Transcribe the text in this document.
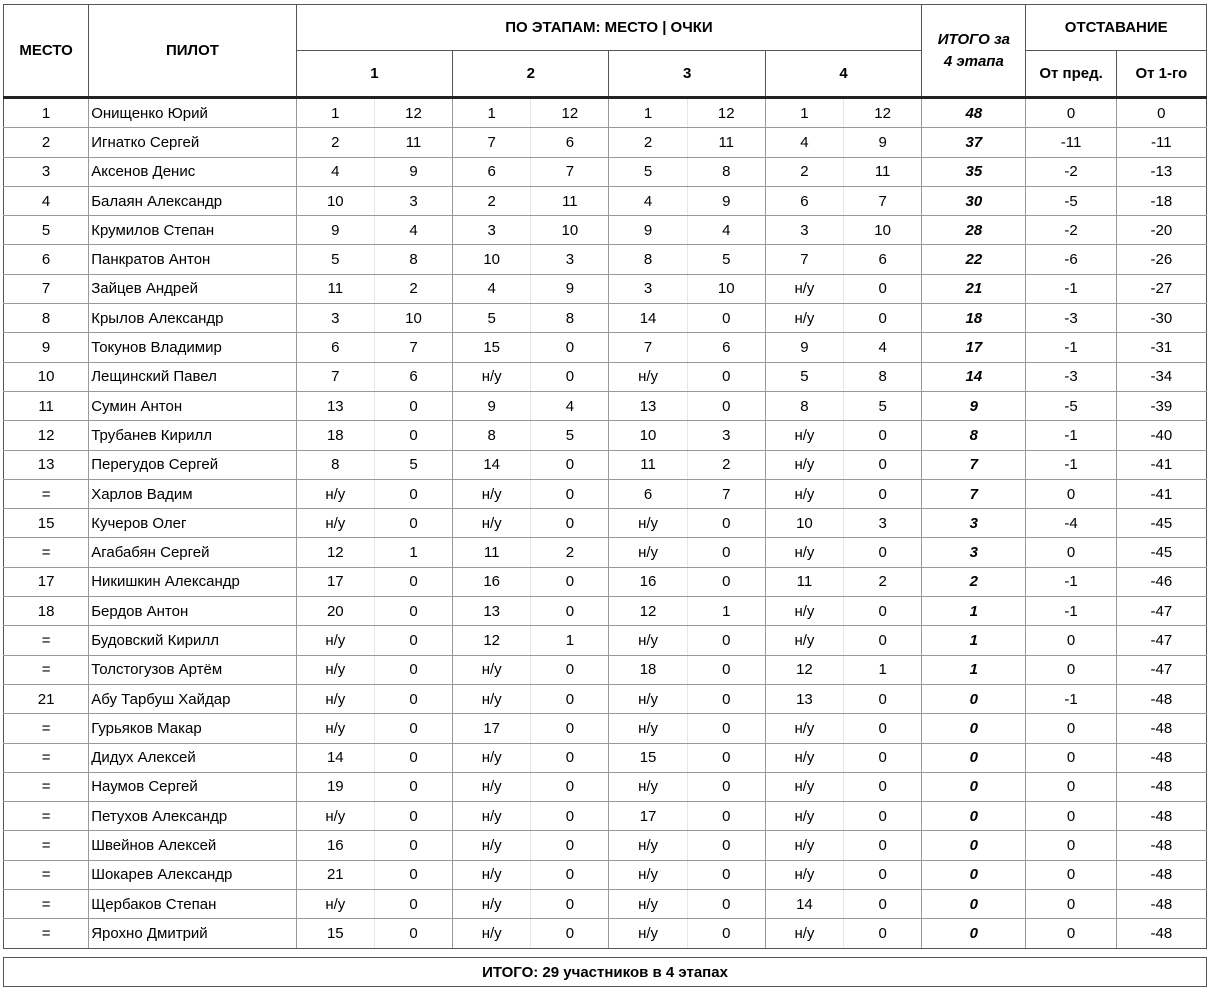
МЕСТО	ПИЛОТ	ПО ЭТАПАМ: МЕСТО | ОЧКИ								ИТОГО за
4 этапа	ОТСТАВАНИЕ	
		1		2		3		4			От пред.	От 1-го
1	Онищенко Юрий	1	12	1	12	1	12	1	12	48	0	0
2	Игнатко Сергей	2	11	7	6	2	11	4	9	37	-11	-11
3	Аксенов Денис	4	9	6	7	5	8	2	11	35	-2	-13
4	Балаян Александр	10	3	2	11	4	9	6	7	30	-5	-18
5	Крумилов Степан	9	4	3	10	9	4	3	10	28	-2	-20
6	Панкратов Антон	5	8	10	3	8	5	7	6	22	-6	-26
7	Зайцев Андрей	11	2	4	9	3	10	н/у	0	21	-1	-27
8	Крылов Александр	3	10	5	8	14	0	н/у	0	18	-3	-30
9	Токунов Владимир	6	7	15	0	7	6	9	4	17	-1	-31
10	Лещинский Павел	7	6	н/у	0	н/у	0	5	8	14	-3	-34
11	Сумин Антон	13	0	9	4	13	0	8	5	9	-5	-39
12	Трубанев Кирилл	18	0	8	5	10	3	н/у	0	8	-1	-40
13	Перегудов Сергей	8	5	14	0	11	2	н/у	0	7	-1	-41
=	Харлов Вадим	н/у	0	н/у	0	6	7	н/у	0	7	0	-41
15	Кучеров Олег	н/у	0	н/у	0	н/у	0	10	3	3	-4	-45
=	Агабабян Сергей	12	1	11	2	н/у	0	н/у	0	3	0	-45
17	Никишкин Александр	17	0	16	0	16	0	11	2	2	-1	-46
18	Бердов Антон	20	0	13	0	12	1	н/у	0	1	-1	-47
=	Будовский Кирилл	н/у	0	12	1	н/у	0	н/у	0	1	0	-47
=	Толстогузов Артём	н/у	0	н/у	0	18	0	12	1	1	0	-47
21	Абу Тарбуш Хайдар	н/у	0	н/у	0	н/у	0	13	0	0	-1	-48
=	Гурьяков Макар	н/у	0	17	0	н/у	0	н/у	0	0	0	-48
=	Дидух Алексей	14	0	н/у	0	15	0	н/у	0	0	0	-48
=	Наумов Сергей	19	0	н/у	0	н/у	0	н/у	0	0	0	-48
=	Петухов Александр	н/у	0	н/у	0	17	0	н/у	0	0	0	-48
=	Швейнов Алексей	16	0	н/у	0	н/у	0	н/у	0	0	0	-48
=	Шокарев Александр	21	0	н/у	0	н/у	0	н/у	0	0	0	-48
=	Щербаков Степан	н/у	0	н/у	0	н/у	0	14	0	0	0	-48
=	Ярохно Дмитрий	15	0	н/у	0	н/у	0	н/у	0	0	0	-48
ИТОГО: 29 участников в 4 этапах
